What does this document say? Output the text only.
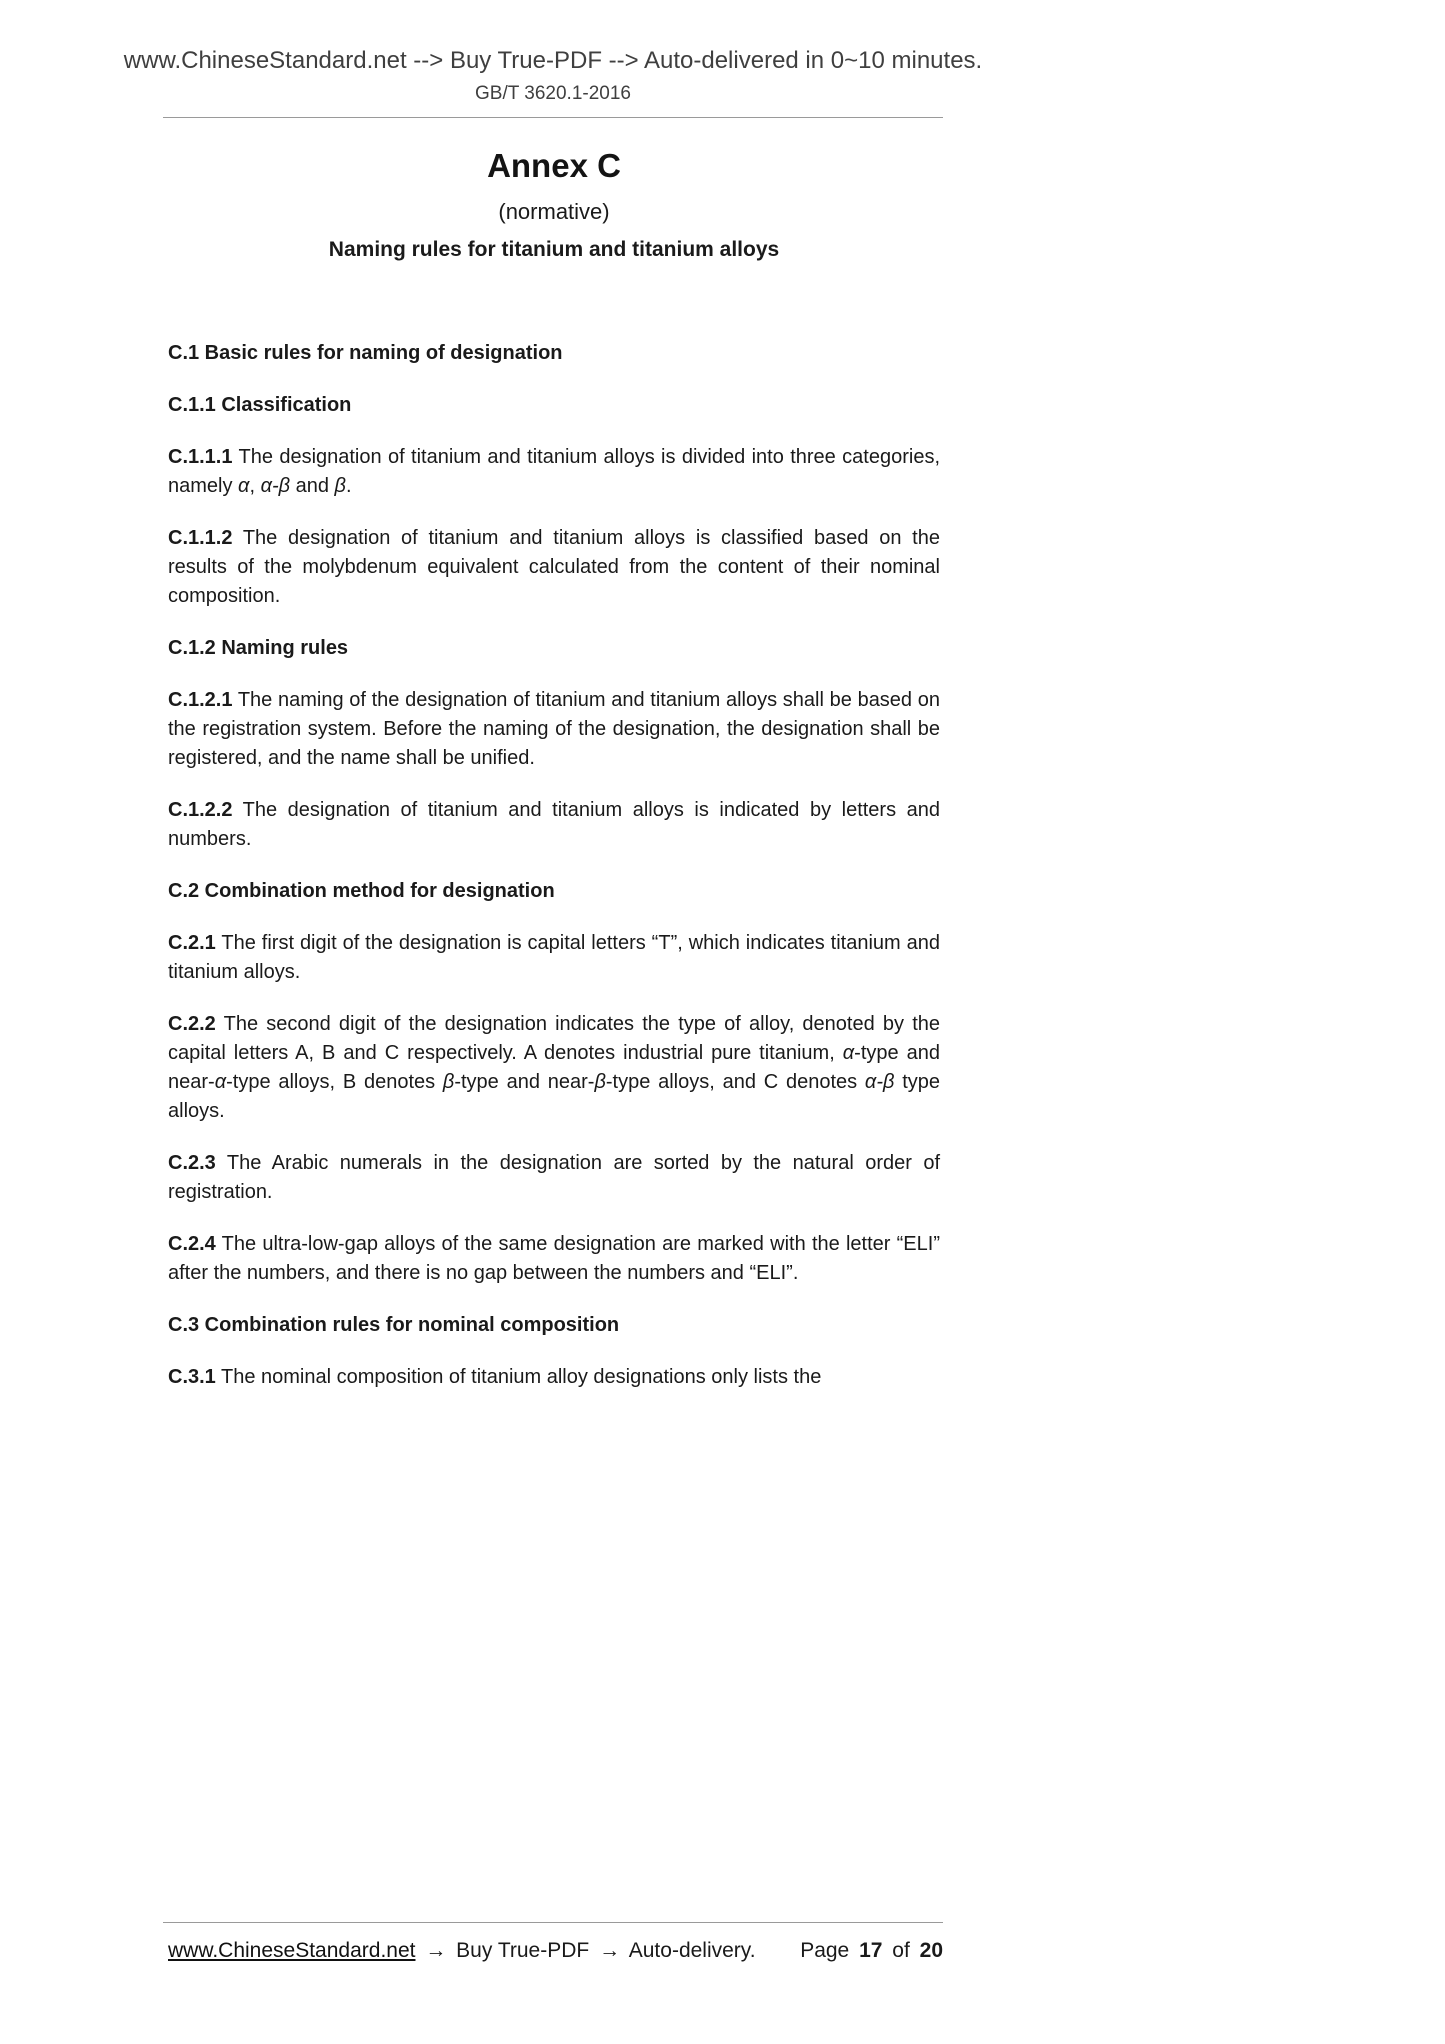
www.ChineseStandard.net --> Buy True-PDF --> Auto-delivered in 0~10 minutes.
GB/T 3620.1-2016
Annex C
(normative)
Naming rules for titanium and titanium alloys

C.1 Basic rules for naming of designation

C.1.1 Classification

C.1.1.1 The designation of titanium and titanium alloys is divided into three categories, namely α, α-β and β.

C.1.1.2 The designation of titanium and titanium alloys is classified based on the results of the molybdenum equivalent calculated from the content of their nominal composition.

C.1.2 Naming rules

C.1.2.1 The naming of the designation of titanium and titanium alloys shall be based on the registration system. Before the naming of the designation, the designation shall be registered, and the name shall be unified.

C.1.2.2 The designation of titanium and titanium alloys is indicated by letters and numbers.

C.2 Combination method for designation

C.2.1 The first digit of the designation is capital letters “T”, which indicates titanium and titanium alloys.

C.2.2 The second digit of the designation indicates the type of alloy, denoted by the capital letters A, B and C respectively. A denotes industrial pure titanium, α-type and near-α-type alloys, B denotes β-type and near-β-type alloys, and C denotes α-β type alloys.

C.2.3 The Arabic numerals in the designation are sorted by the natural order of registration.

C.2.4 The ultra-low-gap alloys of the same designation are marked with the letter “ELI” after the numbers, and there is no gap between the numbers and “ELI”.

C.3 Combination rules for nominal composition

C.3.1 The nominal composition of titanium alloy designations only lists the

www.ChineseStandard.net → Buy True-PDF → Auto-delivery. Page 17 of 20
